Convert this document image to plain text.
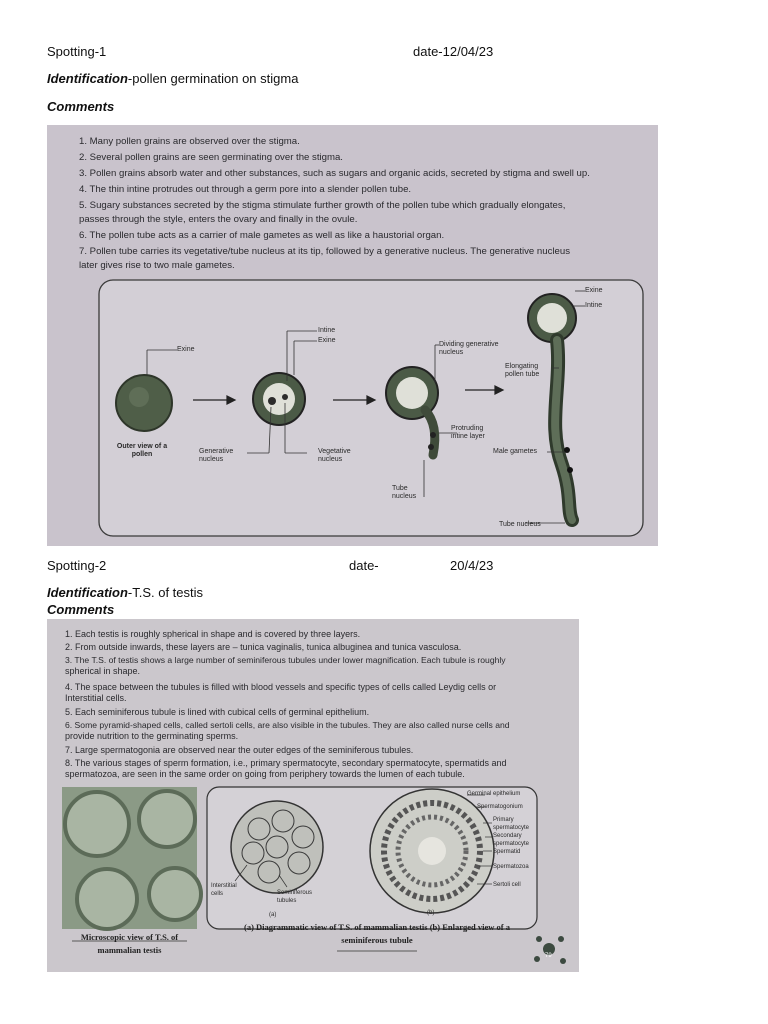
Spotting-1	date-12/04/23
Identification-pollen germination on stigma
Comments
1. Many pollen grains are observed over the stigma.
2. Several pollen grains are seen germinating over the stigma.
3. Pollen grains absorb water and other substances, such as sugars and organic acids, secreted by stigma and swell up.
4. The thin intine protrudes out through a germ pore into a slender pollen tube.
5. Sugary substances secreted by the stigma stimulate further growth of the pollen tube which gradually elongates,
passes through the style, enters the ovary and finally in the ovule.
6. The pollen tube acts as a carrier of male gametes as well as like a haustorial organ.
7. Pollen tube carries its vegetative/tube nucleus at its tip, followed by a generative nucleus. The generative nucleus
later gives rise to two male gametes.
Exine
Outer view of a pollen
Intine
Exine
Generative nucleus
Vegetative nucleus
Dividing generative nucleus
Protruding intine layer
Tube nucleus
Exine
Intine
Elongating pollen tube
Male gametes
Tube nucleus
Spotting-2	date-	20/4/23
Identification-T.S. of testis
Comments
1. Each testis is roughly spherical in shape and is covered by three layers.
2. From outside inwards, these layers are – tunica vaginalis, tunica albuginea and tunica vasculosa.
3. The T.S. of testis shows a large number of seminiferous tubules under lower magnification. Each tubule is roughly
spherical in shape.
4. The space between the tubules is filled with blood vessels and specific types of cells called Leydig cells or
Interstitial cells.
5. Each seminiferous tubule is lined with cubical cells of germinal epithelium.
6. Some pyramid-shaped cells, called sertoli cells, are also visible in the tubules. They are also called nurse cells and
provide nutrition to the germinating sperms.
7. Large spermatogonia are observed near the outer edges of the seminiferous tubules.
8. The various stages of sperm formation, i.e., primary spermatocyte, secondary spermatocyte, spermatids and
spermatozoa, are seen in the same order on going from periphery towards the lumen of each tubule.
Germinal epithelium
Spermatogonium
Primary spermatocyte
Secondary spermatocyte
Spermatid
Spermatozoa
Sertoli cell
Interstitial cells	Seminiferous tubules
(a)	(b)
Microscopic view of T.S. of mammalian testis
(a) Diagrammatic view of T.S. of mammalian testis (b) Enlarged view of a seminiferous tubule
79
